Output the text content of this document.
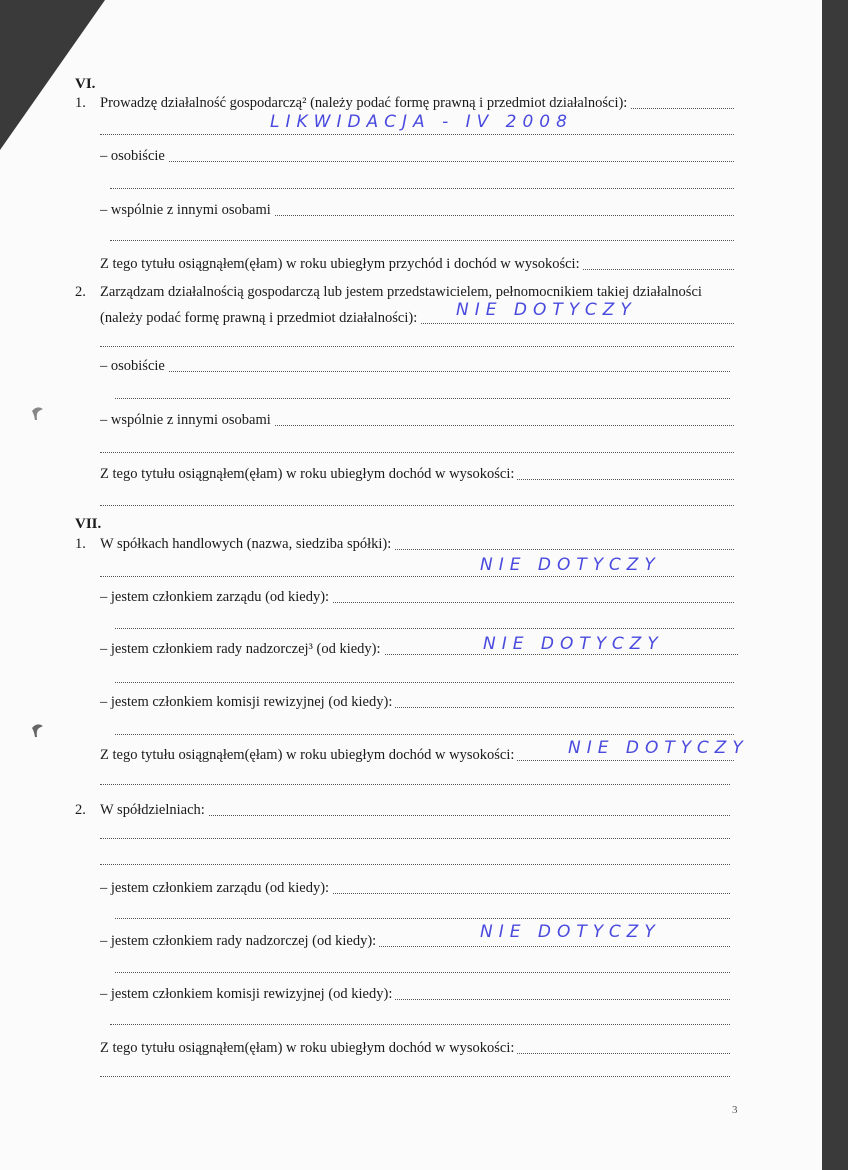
VI.
1. Prowadzę działalność gospodarczą² (należy podać formę prawną i przedmiot działalności):
LIKWIDACJA - IV 2008
– osobiście
– wspólnie z innymi osobami
Z tego tytułu osiągnąłem(ęłam) w roku ubiegłym przychód i dochód w wysokości:
2. Zarządzam działalnością gospodarczą lub jestem przedstawicielem, pełnomocnikiem takiej działalności
(należy podać formę prawną i przedmiot działalności):	NIE DOTYCZY
– osobiście
– wspólnie z innymi osobami
Z tego tytułu osiągnąłem(ęłam) w roku ubiegłym dochód w wysokości:
VII.
1. W spółkach handlowych (nazwa, siedziba spółki):
NIE DOTYCZY
– jestem członkiem zarządu (od kiedy):
– jestem członkiem rady nadzorczej³ (od kiedy):	NIE DOTYCZY
– jestem członkiem komisji rewizyjnej (od kiedy):
Z tego tytułu osiągnąłem(ęłam) w roku ubiegłym dochód w wysokości:	NIE DOTYCZY
2. W spółdzielniach:
– jestem członkiem zarządu (od kiedy):
– jestem członkiem rady nadzorczej (od kiedy):	NIE DOTYCZY
– jestem członkiem komisji rewizyjnej (od kiedy):
Z tego tytułu osiągnąłem(ęłam) w roku ubiegłym dochód w wysokości:
3
